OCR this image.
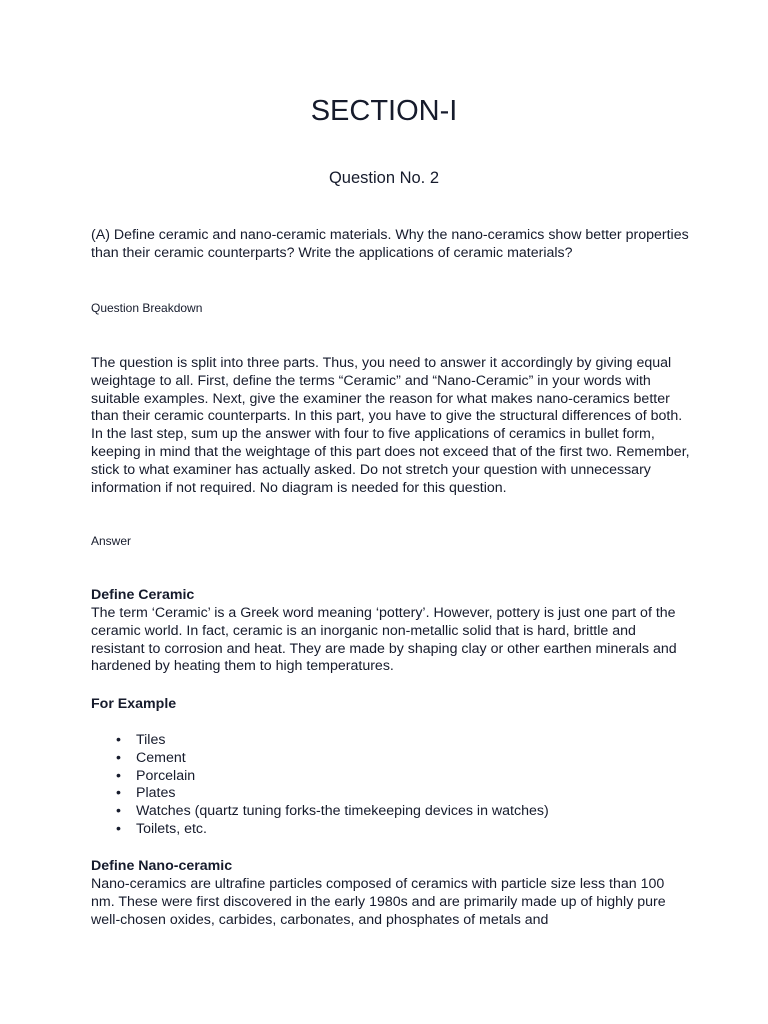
SECTION-I
Question No. 2

(A) Define ceramic and nano-ceramic materials. Why the nano-ceramics show better properties than their ceramic counterparts? Write the applications of ceramic materials?

Question Breakdown

The question is split into three parts. Thus, you need to answer it accordingly by giving equal weightage to all. First, define the terms “Ceramic” and “Nano-Ceramic” in your words with suitable examples. Next, give the examiner the reason for what makes nano-ceramics better than their ceramic counterparts. In this part, you have to give the structural differences of both. In the last step, sum up the answer with four to five applications of ceramics in bullet form, keeping in mind that the weightage of this part does not exceed that of the first two. Remember, stick to what examiner has actually asked. Do not stretch your question with unnecessary information if not required. No diagram is needed for this question.

Answer
Define Ceramic

The term ‘Ceramic’ is a Greek word meaning ‘pottery’. However, pottery is just one part of the ceramic world. In fact, ceramic is an inorganic non-metallic solid that is hard, brittle and resistant to corrosion and heat. They are made by shaping clay or other earthen minerals and hardened by heating them to high temperatures.

For Example
• Tiles
• Cement
• Porcelain
• Plates
• Watches (quartz tuning forks-the timekeeping devices in watches)
• Toilets, etc.
Define Nano-ceramic

Nano-ceramics are ultrafine particles composed of ceramics with particle size less than 100 nm. These were first discovered in the early 1980s and are primarily made up of highly pure well-chosen oxides, carbides, carbonates, and phosphates of metals and
